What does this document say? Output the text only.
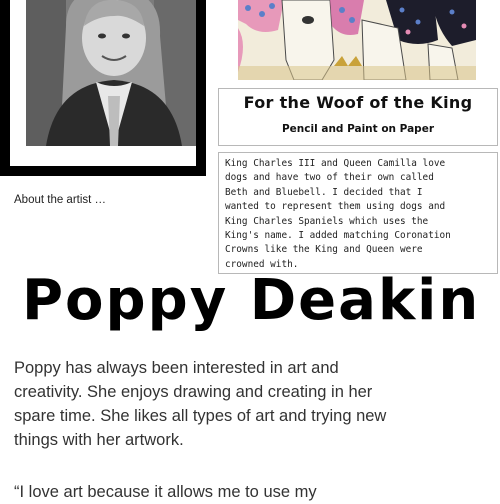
For the Woof of the King
Pencil and Paint on Paper

King Charles III and Queen Camilla love

dogs and have two of their own called

Beth and Bluebell. I decided that I

wanted to represent them using dogs and

King Charles Spaniels which uses the

King's name. I added matching Coronation

Crowns like the King and Queen were

crowned with.

About the artist …
Poppy Deakin
Poppy has always been interested in art and
creativity. She enjoys drawing and creating in her
spare time. She likes all types of art and trying new
things with her artwork.
“I love art because it allows me to use my
